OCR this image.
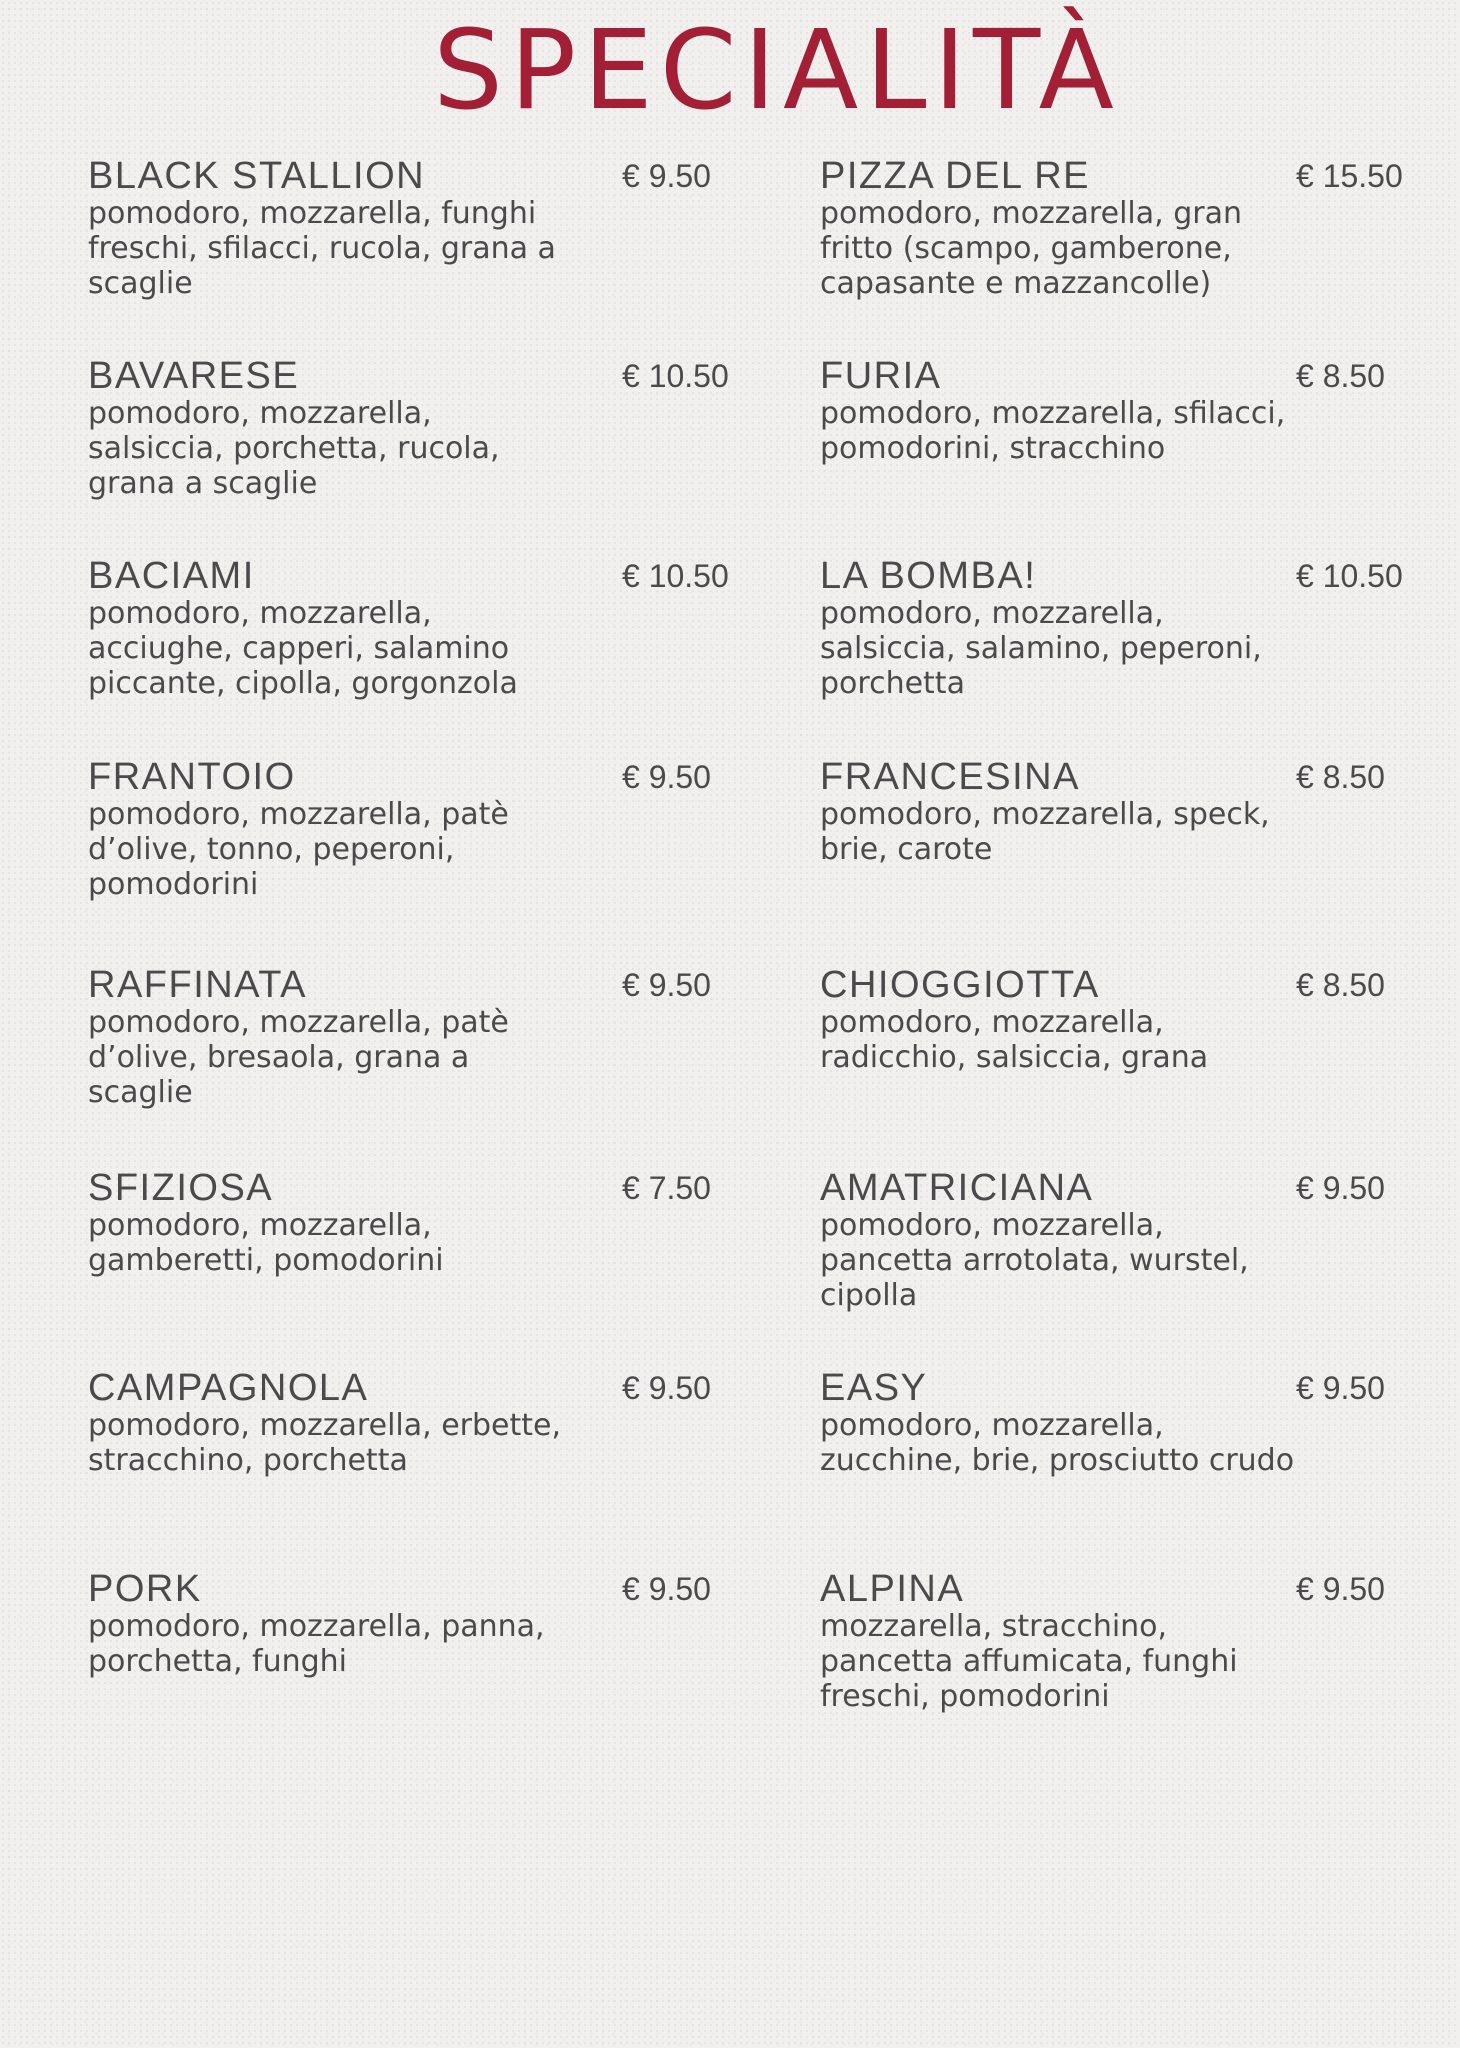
SPECIALITÀ
BLACK STALLION	€ 9.50
pomodoro, mozzarella, funghi freschi, sfilacci, rucola, grana a scaglie
BAVARESE	€ 10.50
pomodoro, mozzarella, salsiccia, porchetta, rucola, grana a scaglie
BACIAMI	€ 10.50
pomodoro, mozzarella, acciughe, capperi, salamino piccante, cipolla, gorgonzola
FRANTOIO	€ 9.50
pomodoro, mozzarella, patè d’olive, tonno, peperoni, pomodorini
RAFFINATA	€ 9.50
pomodoro, mozzarella, patè d’olive, bresaola, grana a scaglie
SFIZIOSA	€ 7.50
pomodoro, mozzarella, gamberetti, pomodorini
CAMPAGNOLA	€ 9.50
pomodoro, mozzarella, erbette, stracchino, porchetta
PORK	€ 9.50
pomodoro, mozzarella, panna, porchetta, funghi
PIZZA DEL RE	€ 15.50
pomodoro, mozzarella, gran fritto (scampo, gamberone, capasante e mazzancolle)
FURIA	€ 8.50
pomodoro, mozzarella, sfilacci, pomodorini, stracchino
LA BOMBA!	€ 10.50
pomodoro, mozzarella, salsiccia, salamino, peperoni, porchetta
FRANCESINA	€ 8.50
pomodoro, mozzarella, speck, brie, carote
CHIOGGIOTTA	€ 8.50
pomodoro, mozzarella, radicchio, salsiccia, grana
AMATRICIANA	€ 9.50
pomodoro, mozzarella, pancetta arrotolata, wurstel, cipolla
EASY	€ 9.50
pomodoro, mozzarella, zucchine, brie, prosciutto crudo
ALPINA	€ 9.50
mozzarella, stracchino, pancetta affumicata, funghi freschi, pomodorini
